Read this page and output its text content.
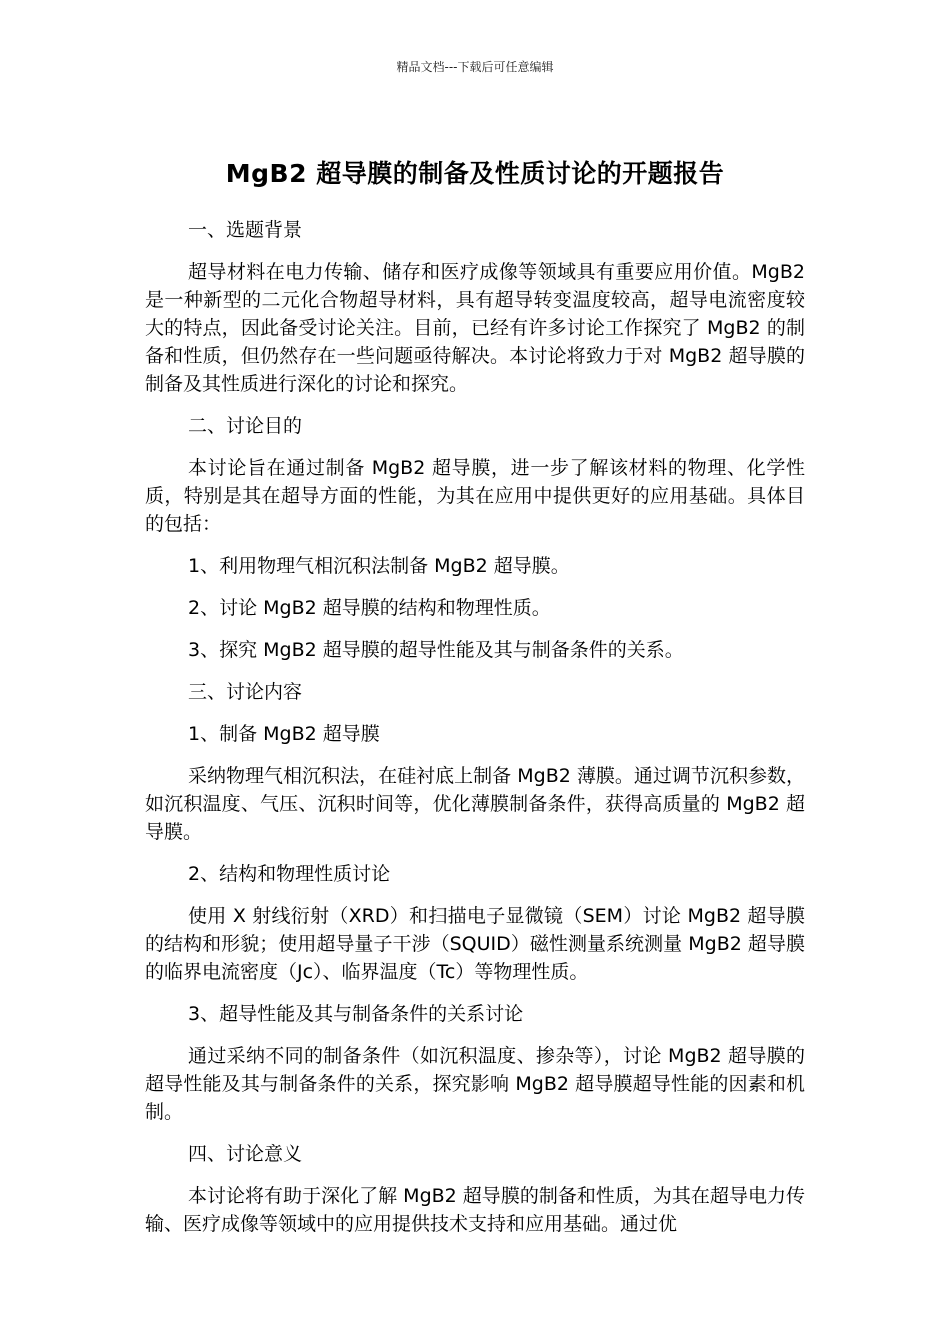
精品文档---下载后可任意编辑
MgB2 超导膜的制备及性质讨论的开题报告

一、选题背景

超导材料在电力传输、储存和医疗成像等领域具有重要应用价值。MgB2 是一种新型的二元化合物超导材料，具有超导转变温度较高，超导电流密度较大的特点，因此备受讨论关注。目前，已经有许多讨论工作探究了 MgB2 的制备和性质，但仍然存在一些问题亟待解决。本讨论将致力于对 MgB2 超导膜的制备及其性质进行深化的讨论和探究。

二、讨论目的

本讨论旨在通过制备 MgB2 超导膜，进一步了解该材料的物理、化学性质，特别是其在超导方面的性能，为其在应用中提供更好的应用基础。具体目的包括：

1、利用物理气相沉积法制备 MgB2 超导膜。

2、讨论 MgB2 超导膜的结构和物理性质。

3、探究 MgB2 超导膜的超导性能及其与制备条件的关系。

三、讨论内容

1、制备 MgB2 超导膜

采纳物理气相沉积法，在硅衬底上制备 MgB2 薄膜。通过调节沉积参数，如沉积温度、气压、沉积时间等，优化薄膜制备条件，获得高质量的 MgB2 超导膜。

2、结构和物理性质讨论

使用 X 射线衍射（XRD）和扫描电子显微镜（SEM）讨论 MgB2 超导膜的结构和形貌；使用超导量子干涉（SQUID）磁性测量系统测量 MgB2 超导膜的临界电流密度（Jc）、临界温度（Tc）等物理性质。

3、超导性能及其与制备条件的关系讨论

通过采纳不同的制备条件（如沉积温度、掺杂等），讨论 MgB2 超导膜的超导性能及其与制备条件的关系，探究影响 MgB2 超导膜超导性能的因素和机制。

四、讨论意义

本讨论将有助于深化了解 MgB2 超导膜的制备和性质，为其在超导电力传输、医疗成像等领域中的应用提供技术支持和应用基础。通过优
